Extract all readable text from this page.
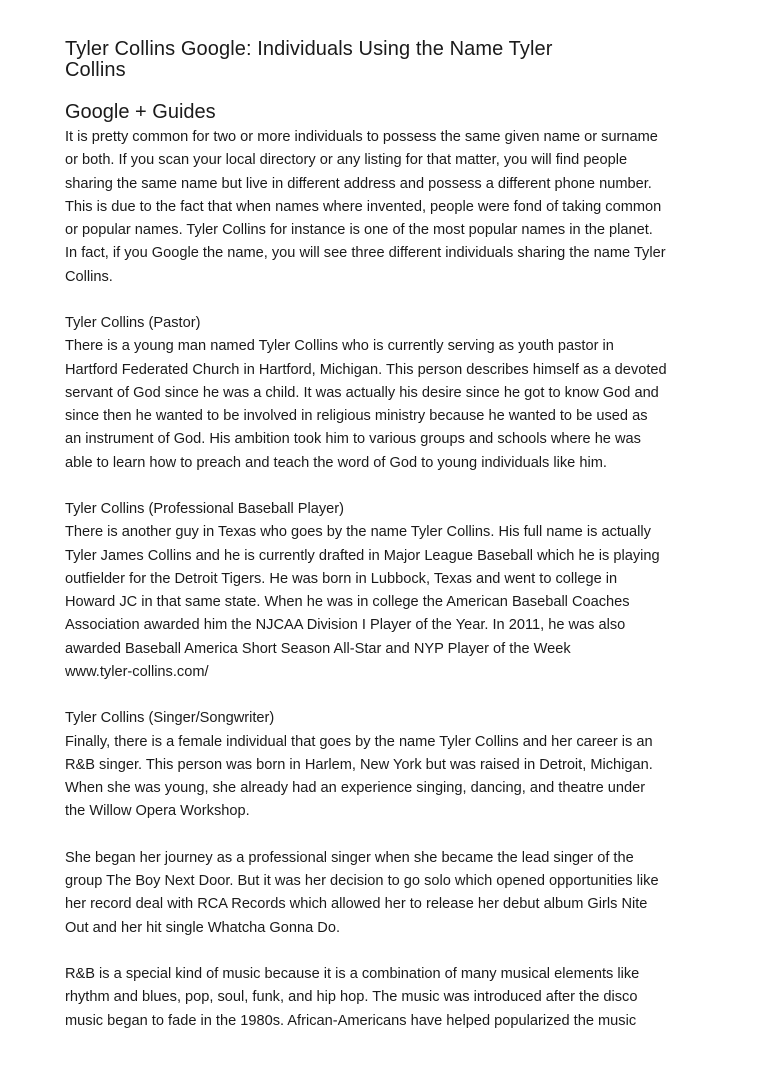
Tyler Collins Google: Individuals Using the Name Tyler
Collins
Google + Guides
It is pretty common for two or more individuals to possess the same given name or surname
or both. If you scan your local directory or any listing for that matter, you will find people
sharing the same name but live in different address and possess a different phone number.
This is due to the fact that when names where invented, people were fond of taking common
or popular names. Tyler Collins for instance is one of the most popular names in the planet.
In fact, if you Google the name, you will see three different individuals sharing the name Tyler
Collins.
Tyler Collins (Pastor)
There is a young man named Tyler Collins who is currently serving as youth pastor in
Hartford Federated Church in Hartford, Michigan. This person describes himself as a devoted
servant of God since he was a child. It was actually his desire since he got to know God and
since then he wanted to be involved in religious ministry because he wanted to be used as
an instrument of God. His ambition took him to various groups and schools where he was
able to learn how to preach and teach the word of God to young individuals like him.
Tyler Collins (Professional Baseball Player)
There is another guy in Texas who goes by the name Tyler Collins. His full name is actually
Tyler James Collins and he is currently drafted in Major League Baseball which he is playing
outfielder for the Detroit Tigers. He was born in Lubbock, Texas and went to college in
Howard JC in that same state. When he was in college the American Baseball Coaches
Association awarded him the NJCAA Division I Player of the Year. In 2011, he was also
awarded Baseball America Short Season All-Star and NYP Player of the Week
www.tyler-collins.com/
Tyler Collins (Singer/Songwriter)
Finally, there is a female individual that goes by the name Tyler Collins and her career is an
R&B singer. This person was born in Harlem, New York but was raised in Detroit, Michigan.
When she was young, she already had an experience singing, dancing, and theatre under
the Willow Opera Workshop.
She began her journey as a professional singer when she became the lead singer of the
group The Boy Next Door. But it was her decision to go solo which opened opportunities like
her record deal with RCA Records which allowed her to release her debut album Girls Nite
Out and her hit single Whatcha Gonna Do.
R&B is a special kind of music because it is a combination of many musical elements like
rhythm and blues, pop, soul, funk, and hip hop. The music was introduced after the disco
music began to fade in the 1980s. African-Americans have helped popularized the music
